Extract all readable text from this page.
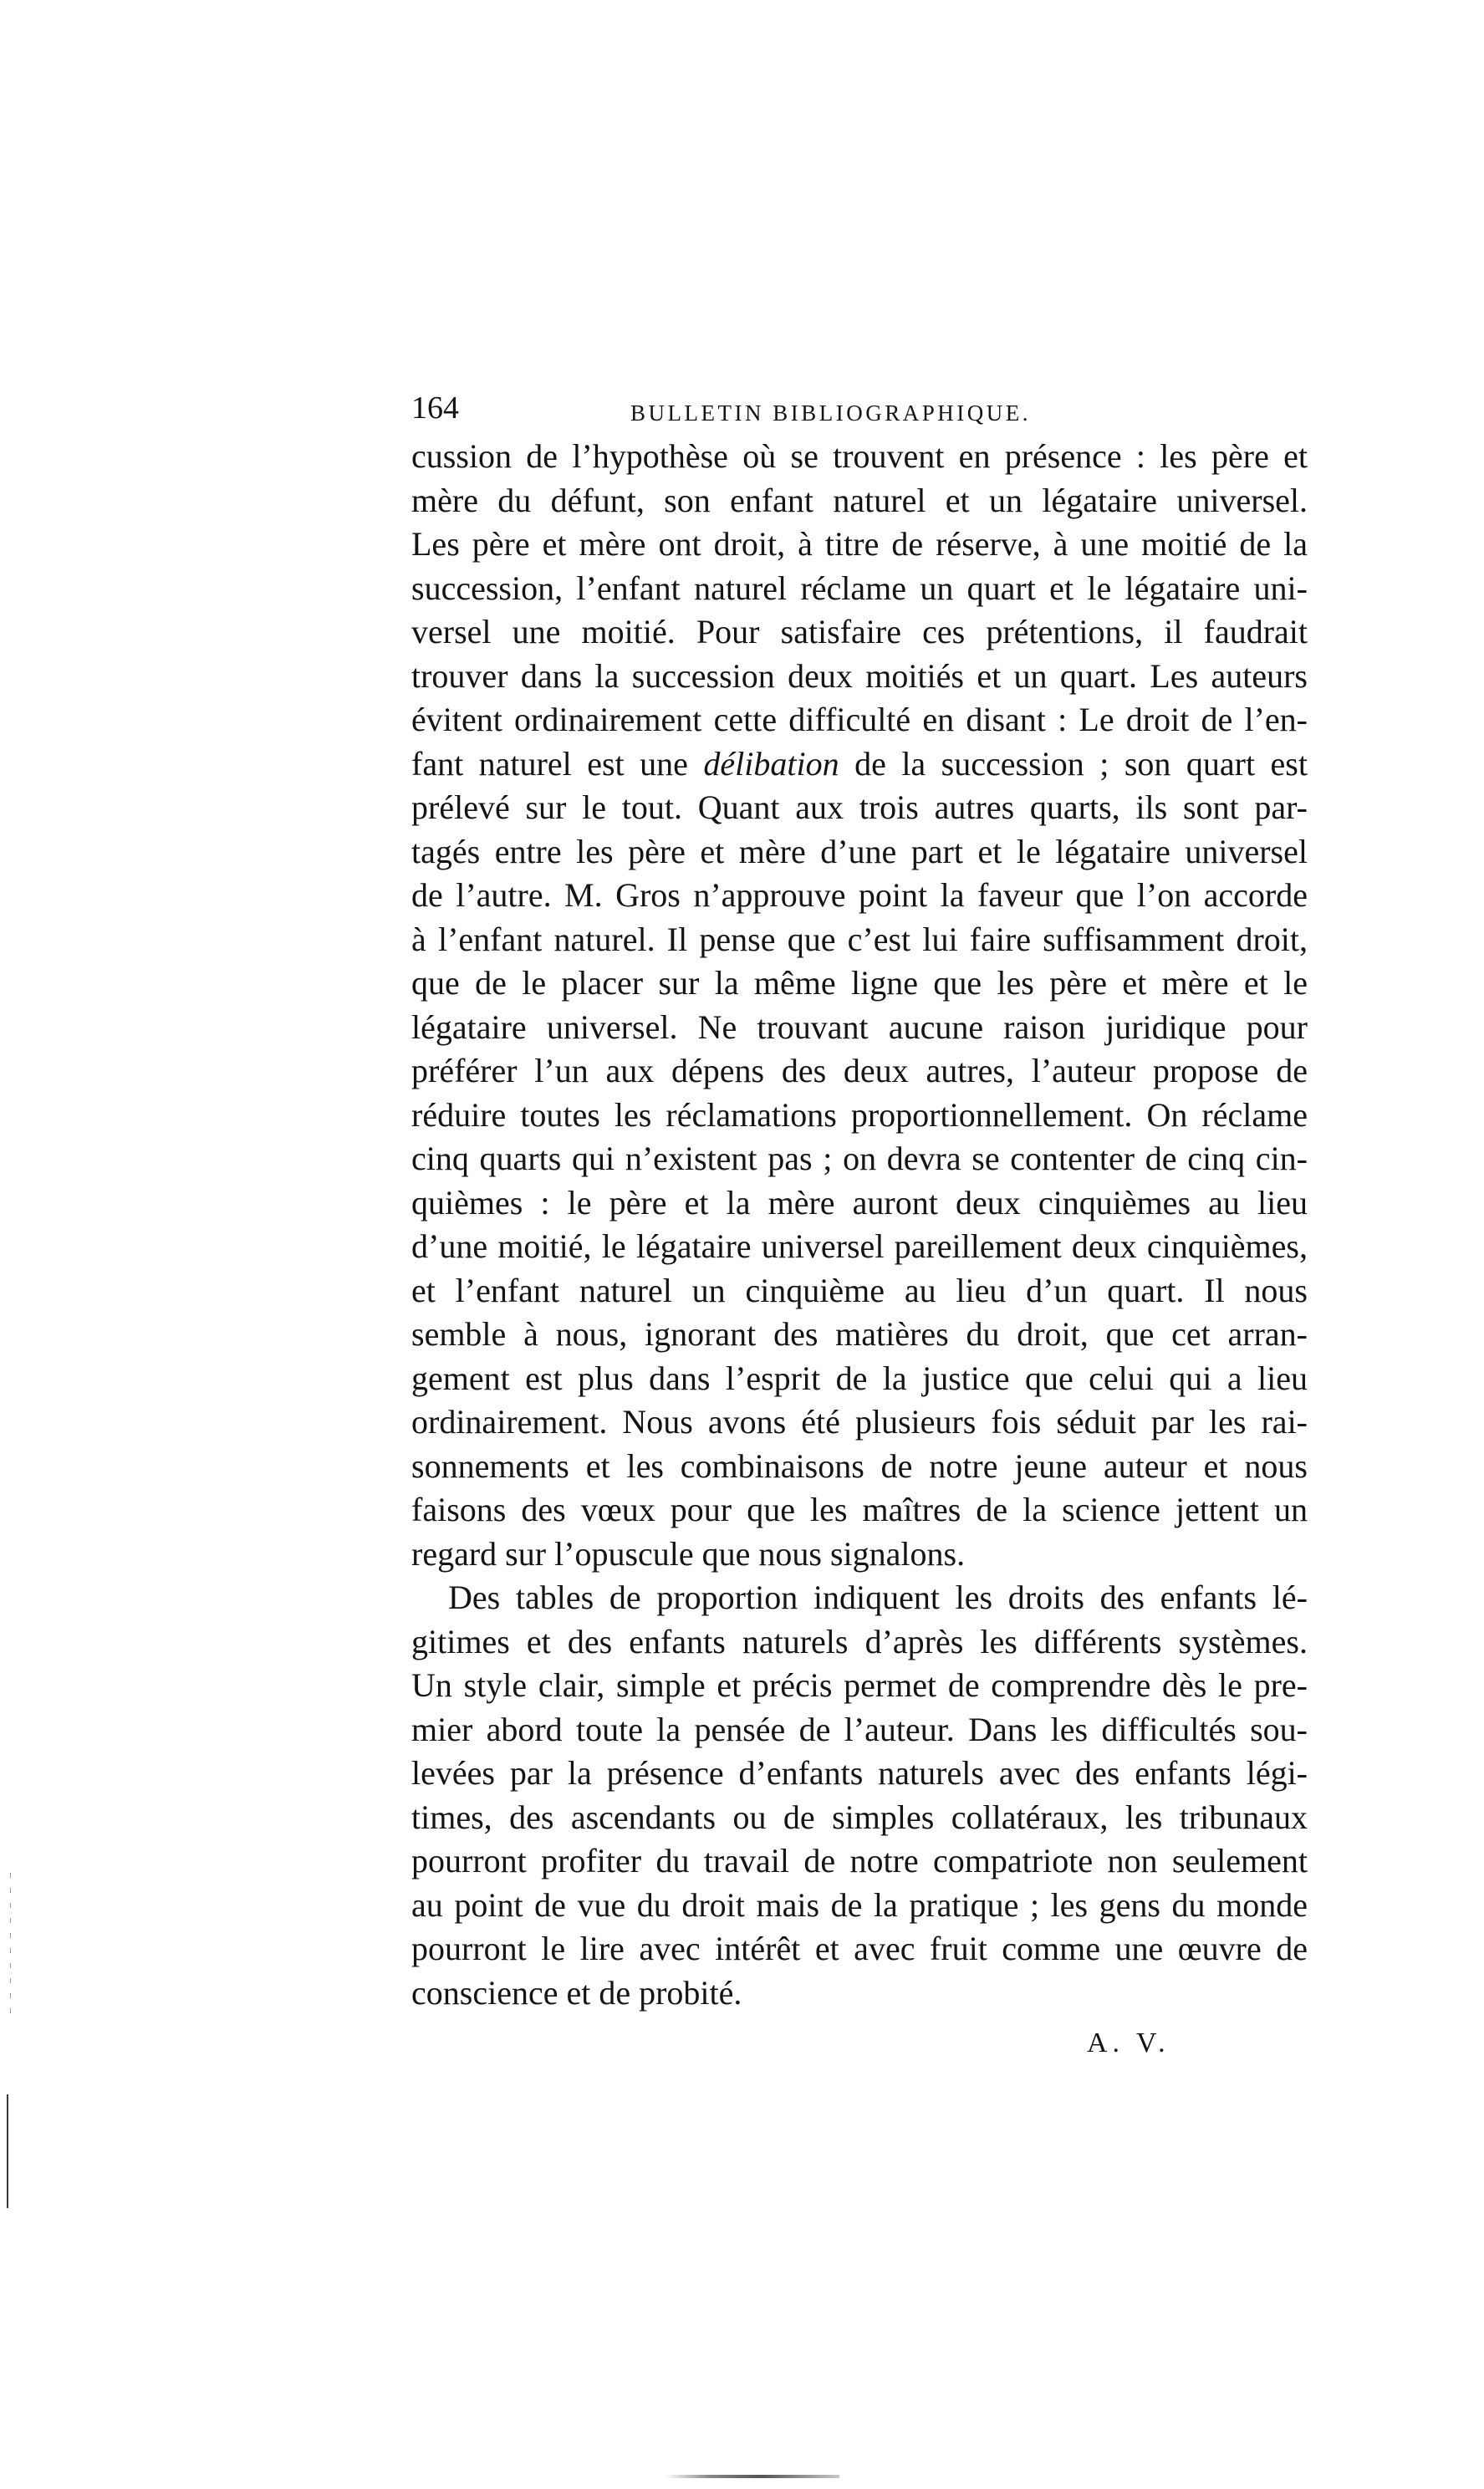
164	BULLETIN BIBLIOGRAPHIQUE.

cussion de l’hypothèse où se trouvent en présence : les père et
mère du défunt, son enfant naturel et un légataire universel.
Les père et mère ont droit, à titre de réserve, à une moitié de la
succession, l’enfant naturel réclame un quart et le légataire uni-
versel une moitié. Pour satisfaire ces prétentions, il faudrait
trouver dans la succession deux moitiés et un quart. Les auteurs
évitent ordinairement cette difficulté en disant : Le droit de l’en-
fant naturel est une délibation de la succession ; son quart est
prélevé sur le tout. Quant aux trois autres quarts, ils sont par-
tagés entre les père et mère d’une part et le légataire universel
de l’autre. M. Gros n’approuve point la faveur que l’on accorde
à l’enfant naturel. Il pense que c’est lui faire suffisamment droit,
que de le placer sur la même ligne que les père et mère et le
légataire universel. Ne trouvant aucune raison juridique pour
préférer l’un aux dépens des deux autres, l’auteur propose de
réduire toutes les réclamations proportionnellement. On réclame
cinq quarts qui n’existent pas ; on devra se contenter de cinq cin-
quièmes : le père et la mère auront deux cinquièmes au lieu
d’une moitié, le légataire universel pareillement deux cinquièmes,
et l’enfant naturel un cinquième au lieu d’un quart. Il nous
semble à nous, ignorant des matières du droit, que cet arran-
gement est plus dans l’esprit de la justice que celui qui a lieu
ordinairement. Nous avons été plusieurs fois séduit par les rai-
sonnements et les combinaisons de notre jeune auteur et nous
faisons des vœux pour que les maîtres de la science jettent un
regard sur l’opuscule que nous signalons.

Des tables de proportion indiquent les droits des enfants lé-
gitimes et des enfants naturels d’après les différents systèmes.
Un style clair, simple et précis permet de comprendre dès le pre-
mier abord toute la pensée de l’auteur. Dans les difficultés sou-
levées par la présence d’enfants naturels avec des enfants légi-
times, des ascendants ou de simples collatéraux, les tribunaux
pourront profiter du travail de notre compatriote non seulement
au point de vue du droit mais de la pratique ; les gens du monde
pourront le lire avec intérêt et avec fruit comme une œuvre de
conscience et de probité.

A. V.
